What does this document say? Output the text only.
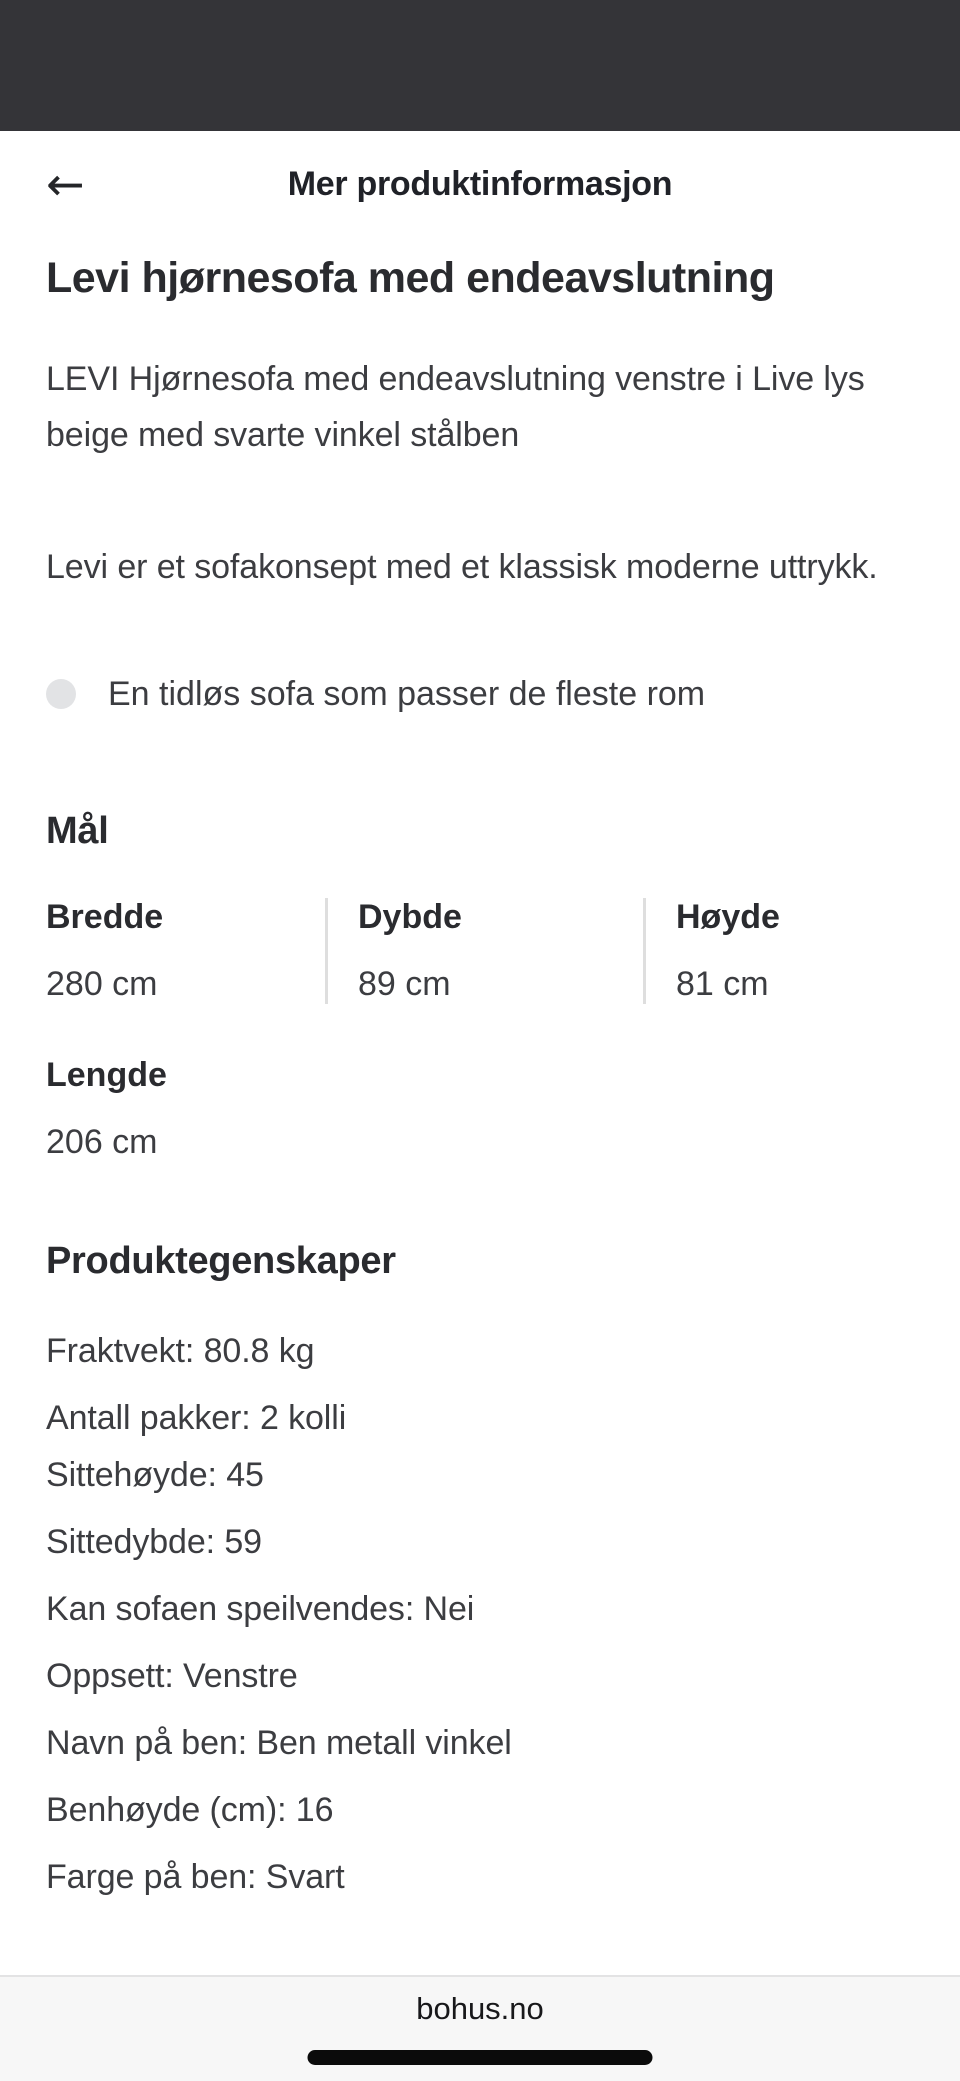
←	Mer produktinformasjon
Levi hjørnesofa med endeavslutning

LEVI Hjørnesofa med endeavslutning venstre i Live lys beige med svarte vinkel stålben

Levi er et sofakonsept med et klassisk moderne uttrykk.

En tidløs sofa som passer de fleste rom
Mål
Bredde
280 cm
Dybde
89 cm
Høyde
81 cm
Lengde
206 cm
Produktegenskaper
Fraktvekt: 80.8 kg
Antall pakker: 2 kolli
Sittehøyde: 45
Sittedybde: 59
Kan sofaen speilvendes: Nei
Oppsett: Venstre
Navn på ben: Ben metall vinkel
Benhøyde (cm): 16
Farge på ben: Svart
bohus.no
